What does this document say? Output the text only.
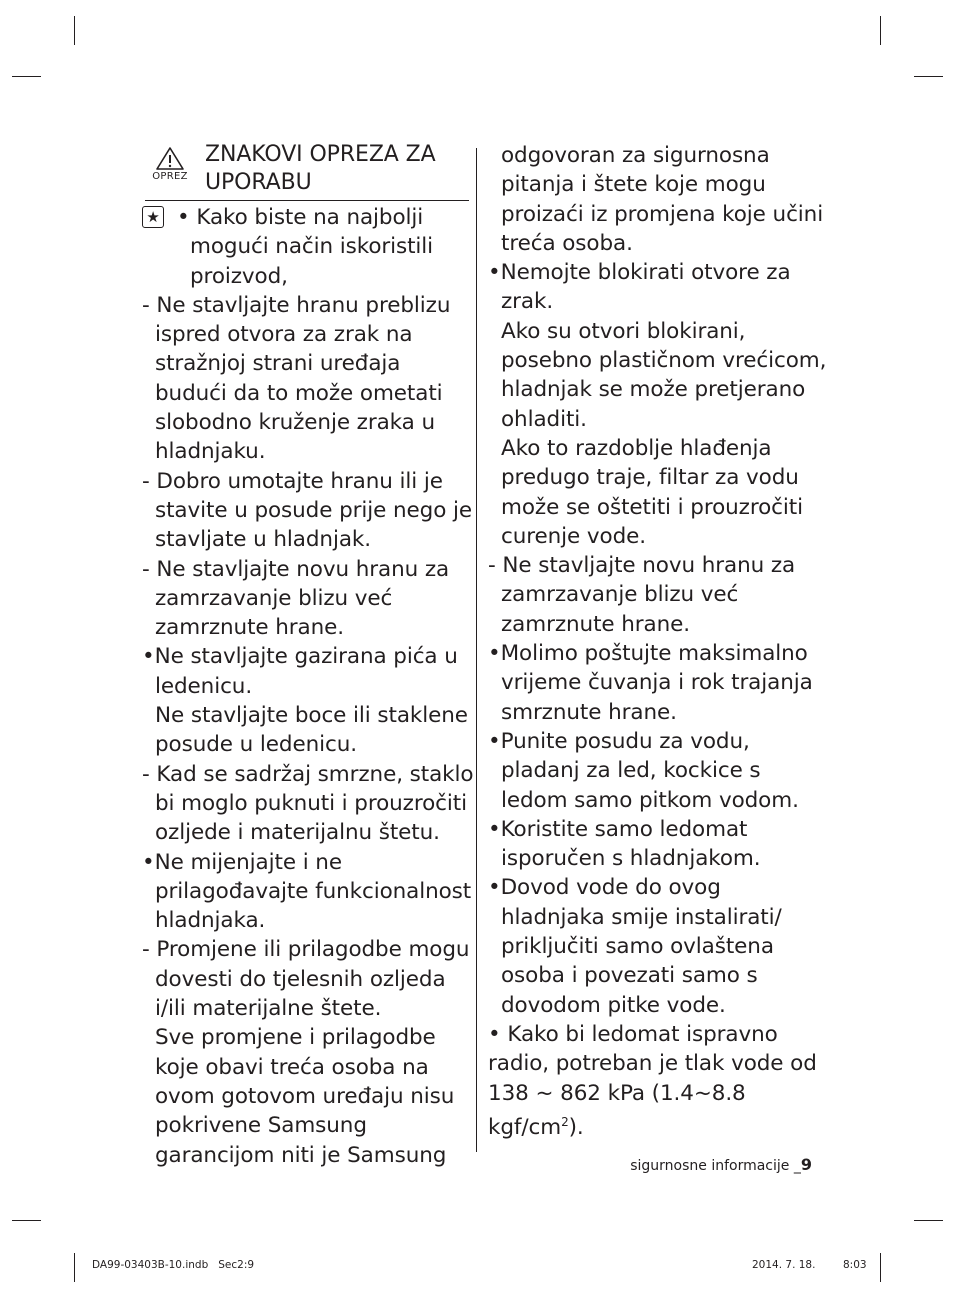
OPREZ
ZNAKOVI OPREZA ZA UPORABU
★ • Kako biste na najbolji mogući način iskoristili proizvod,

- Ne stavljajte hranu preblizu ispred otvora za zrak na stražnjoj strani uređaja budući da to može ometati slobodno kruženje zraka u hladnjaku.

- Dobro umotajte hranu ili je stavite u posude prije nego je stavljate u hladnjak.

- Ne stavljajte novu hranu za zamrzavanje blizu već zamrznute hrane.

•Ne stavljajte gazirana pića u ledenicu.

Ne stavljajte boce ili staklene posude u ledenicu.

- Kad se sadržaj smrzne, staklo bi moglo puknuti i prouzročiti ozljede i materijalnu štetu.

•Ne mijenjajte i ne prilagođavajte funkcionalnost hladnjaka.

- Promjene ili prilagodbe mogu dovesti do tjelesnih ozljeda i/ili materijalne štete.

Sve promjene i prilagodbe koje obavi treća osoba na ovom gotovom uređaju nisu pokrivene Samsung garancijom niti je Samsung

odgovoran za sigurnosna pitanja i štete koje mogu proizaći iz promjena koje učini treća osoba.

•Nemojte blokirati otvore za zrak.

Ako su otvori blokirani, posebno plastičnom vrećicom, hladnjak se može pretjerano ohladiti.

Ako to razdoblje hlađenja predugo traje, filtar za vodu može se oštetiti i prouzročiti curenje vode.

- Ne stavljajte novu hranu za zamrzavanje blizu već zamrznute hrane.

•Molimo poštujte maksimalno vrijeme čuvanja i rok trajanja smrznute hrane.

•Punite posudu za vodu, pladanj za led, kockice s ledom samo pitkom vodom.

•Koristite samo ledomat isporučen s hladnjakom.

•Dovod vode do ovog hladnjaka smije instalirati/ priključiti samo ovlaštena osoba i povezati samo s dovodom pitke vode.

• Kako bi ledomat ispravno radio, potreban je tlak vode od 138 ~ 862 kPa (1.4~8.8 kgf/$cm^2$).

sigurnosne informacije _9
DA99-03403B-10.indb   Sec2:9	2014. 7. 18.	8:03
